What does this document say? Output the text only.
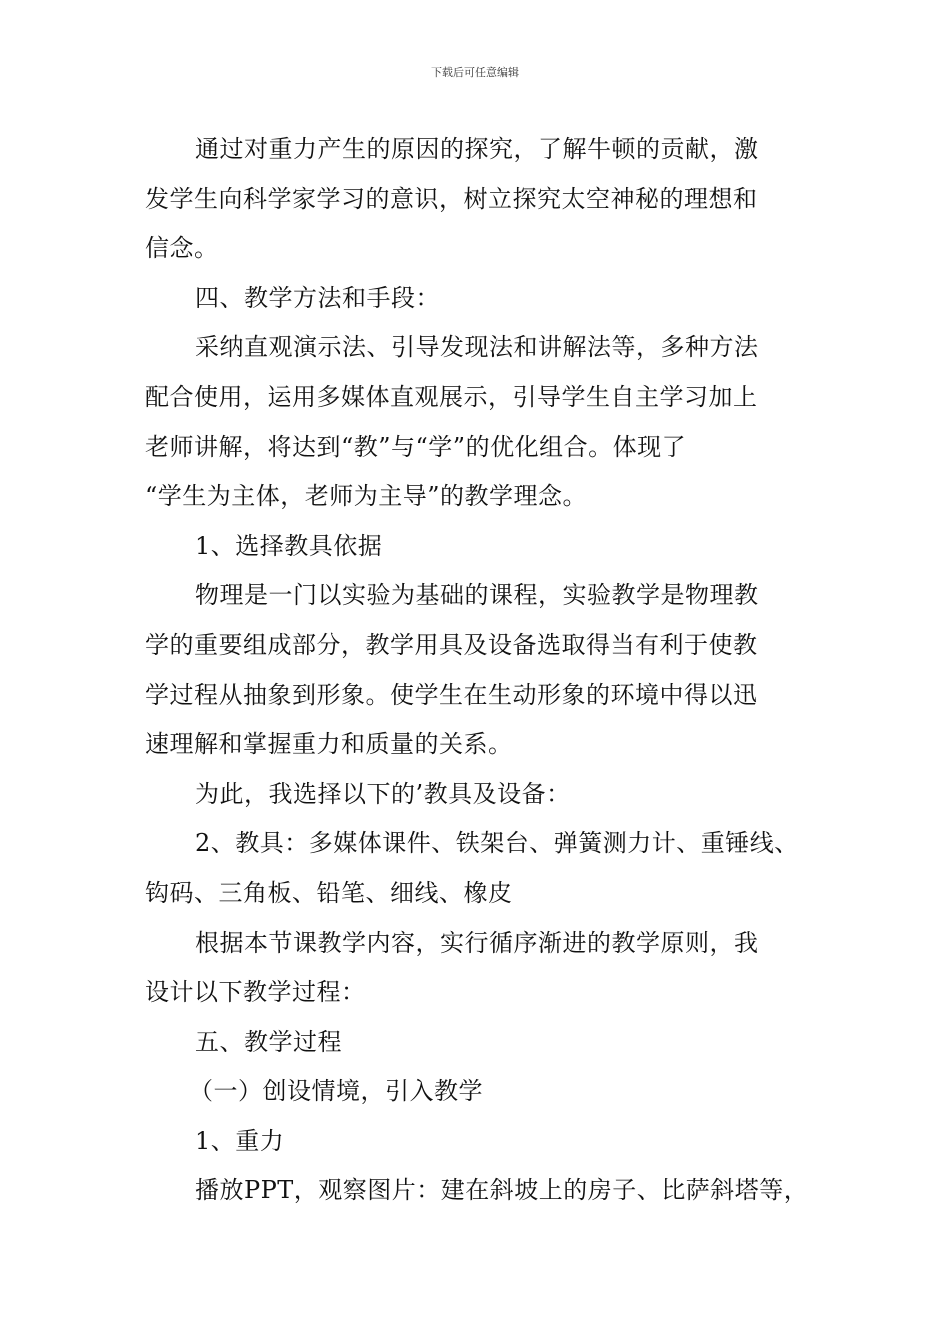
下载后可任意编辑
通过对重力产生的原因的探究，了解牛顿的贡献，激
发学生向科学家学习的意识，树立探究太空神秘的理想和
信念。
四、教学方法和手段：
采纳直观演示法、引导发现法和讲解法等，多种方法
配合使用，运用多媒体直观展示，引导学生自主学习加上
老师讲解，将达到“教”与“学”的优化组合。体现了
“学生为主体，老师为主导”的教学理念。
1、选择教具依据
物理是一门以实验为基础的课程，实验教学是物理教
学的重要组成部分，教学用具及设备选取得当有利于使教
学过程从抽象到形象。使学生在生动形象的环境中得以迅
速理解和掌握重力和质量的关系。
为此，我选择以下的’教具及设备：
2、教具：多媒体课件、铁架台、弹簧测力计、重锤线、
钩码、三角板、铅笔、细线、橡皮
根据本节课教学内容，实行循序渐进的教学原则，我
设计以下教学过程：
五、教学过程
（一）创设情境，引入教学
1、重力
播放PPT，观察图片：建在斜坡上的房子、比萨斜塔等，
